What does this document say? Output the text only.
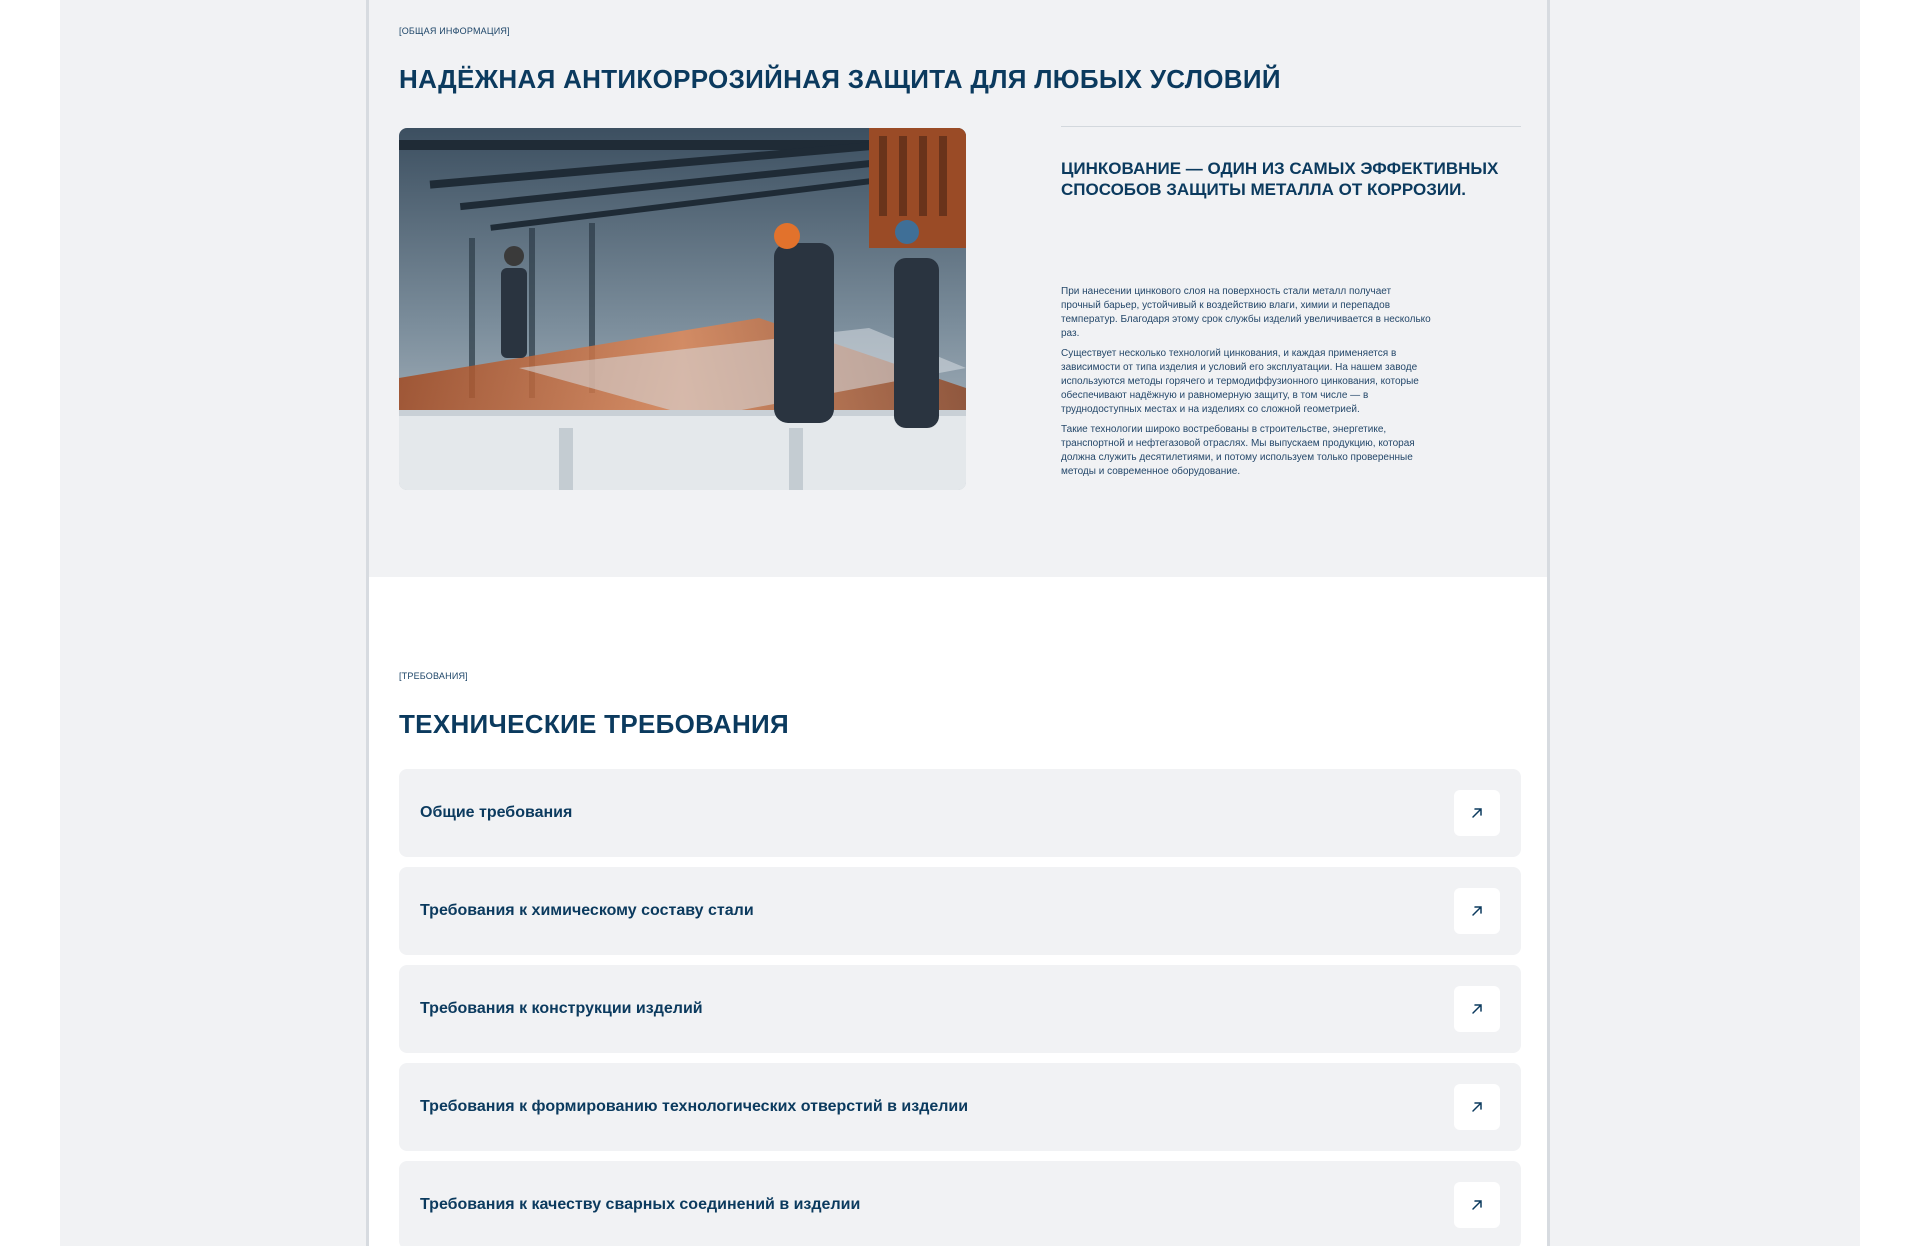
[ОБЩАЯ ИНФОРМАЦИЯ]
НАДЁЖНАЯ АНТИКОРРОЗИЙНАЯ ЗАЩИТА ДЛЯ ЛЮБЫХ УСЛОВИЙ
ЦИНКОВАНИЕ — ОДИН ИЗ САМЫХ ЭФФЕКТИВНЫХ СПОСОБОВ ЗАЩИТЫ МЕТАЛЛА ОТ КОРРОЗИИ.

При нанесении цинкового слоя на поверхность стали металл получает прочный барьер, устойчивый к воздействию влаги, химии и перепадов температур. Благодаря этому срок службы изделий увеличивается в несколько раз.

Существует несколько технологий цинкования, и каждая применяется в зависимости от типа изделия и условий его эксплуатации. На нашем заводе используются методы горячего и термодиффузионного цинкования, которые обеспечивают надёжную и равномерную защиту, в том числе — в труднодоступных местах и на изделиях со сложной геометрией.

Такие технологии широко востребованы в строительстве, энергетике, транспортной и нефтегазовой отраслях. Мы выпускаем продукцию, которая должна служить десятилетиями, и потому используем только проверенные методы и современное оборудование.

[ТРЕБОВАНИЯ]
ТЕХНИЧЕСКИЕ ТРЕБОВАНИЯ
Общие требования
Требования к химическому составу стали
Требования к конструкции изделий
Требования к формированию технологических отверстий в изделии
Требования к качеству сварных соединений в изделии
